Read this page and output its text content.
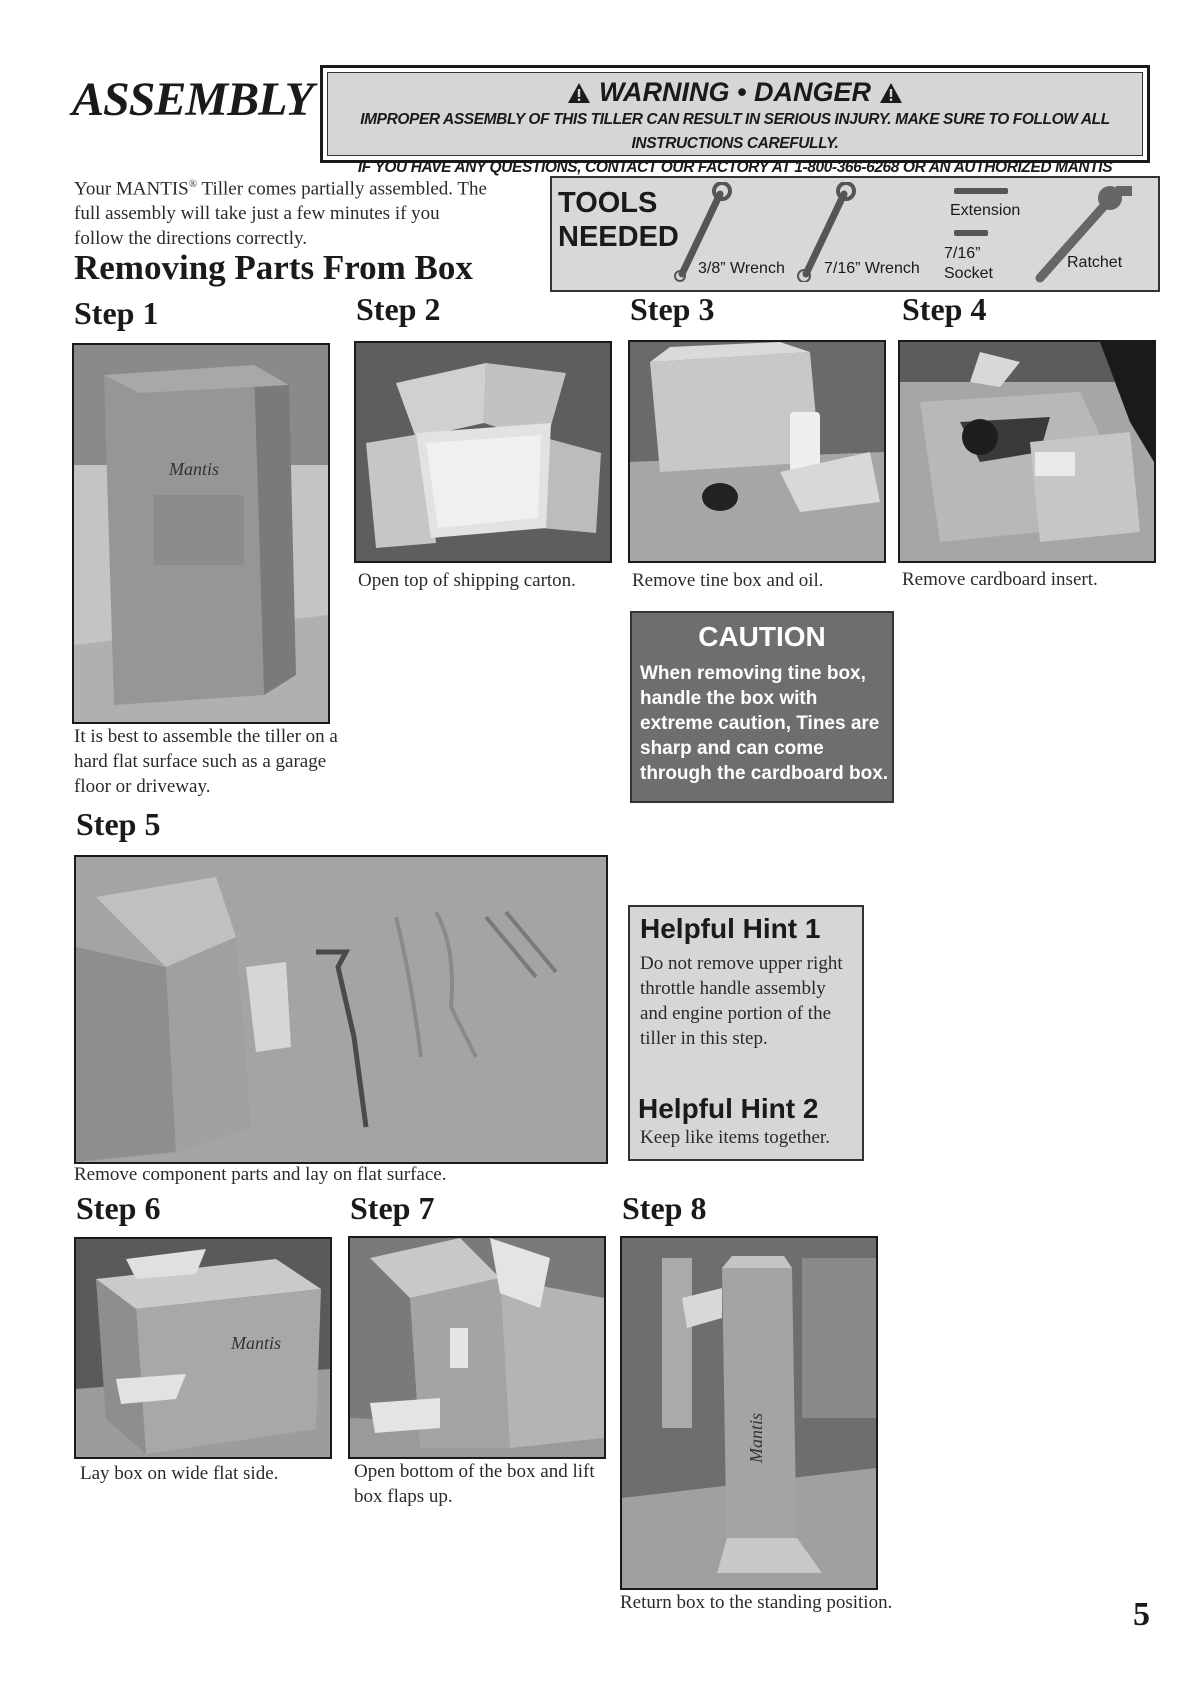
ASSEMBLY	WARNING • DANGER
IMPROPER ASSEMBLY OF THIS TILLER CAN RESULT IN SERIOUS INJURY. MAKE SURE TO FOLLOW ALL INSTRUCTIONS CAREFULLY.
IF YOU HAVE ANY QUESTIONS, CONTACT OUR FACTORY AT 1-800-366-6268 OR AN AUTHORIZED MANTIS
Your MANTIS® Tiller comes partially assembled. The full assembly will take just a few minutes if you follow the directions correctly.
Removing Parts From Box
TOOLS
NEEDED
3/8” Wrench 7/16” Wrench
Extension
7/16”
Socket
Ratchet
Step 1	Step 2	Step 3	Step 4
Mantis
It is best to assemble the tiller on a hard flat surface such as a garage floor or driveway.
Open top of shipping carton.	Remove tine box and oil.	Remove cardboard insert.
CAUTION
When removing tine box, handle the box with extreme caution, Tines are sharp and can come through the cardboard box.
Step 5
Remove component parts and lay on flat surface.
Helpful Hint 1
Do not remove upper right throttle handle assembly and engine portion of the tiller in this step.
Helpful Hint 2
Keep like items together.
Step 6	Step 7	Step 8
Mantis
Lay box on wide flat side.	Open bottom of the box and lift box flaps up.
Mantis
Return box to the standing position.	5
